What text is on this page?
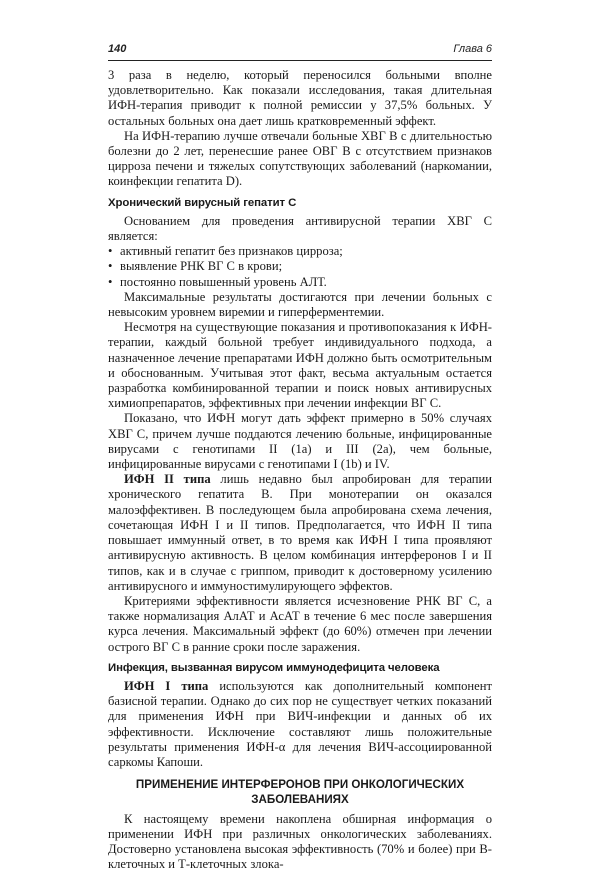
140	Глава 6

3 раза в неделю, который переносился больными вполне удовлетворительно. Как показали исследования, такая длительная ИФН-терапия приводит к полной ремиссии у 37,5% больных. У остальных больных она дает лишь кратковременный эффект.

На ИФН-терапию лучше отвечали больные ХВГ В с длительностью болезни до 2 лет, перенесшие ранее ОВГ В с отсутствием признаков цирроза печени и тяжелых сопутствующих заболеваний (наркомании, коинфекции гепатита D).

Хронический вирусный гепатит С

Основанием для проведения антивирусной терапии ХВГ С является:

• активный гепатит без признаков цирроза;
• выявление РНК ВГ С в крови;
• постоянно повышенный уровень АЛТ.

Максимальные результаты достигаются при лечении больных с невысоким уровнем виремии и гиперферментемии.

Несмотря на существующие показания и противопоказания к ИФН-терапии, каждый больной требует индивидуального подхода, а назначенное лечение препаратами ИФН должно быть осмотрительным и обоснованным. Учитывая этот факт, весьма актуальным остается разработка комбинированной терапии и поиск новых антивирусных химиопрепаратов, эффективных при лечении инфекции ВГ С.

Показано, что ИФН могут дать эффект примерно в 50% случаях ХВГ С, причем лучше поддаются лечению больные, инфицированные вирусами с генотипами II (1а) и III (2а), чем больные, инфицированные вирусами с генотипами I (1b) и IV.

ИФН II типа лишь недавно был апробирован для терапии хронического гепатита В. При монотерапии он оказался малоэффективен. В последующем была апробирована схема лечения, сочетающая ИФН I и II типов. Предполагается, что ИФН II типа повышает иммунный ответ, в то время как ИФН I типа проявляют антивирусную активность. В целом комбинация интерферонов I и II типов, как и в случае с гриппом, приводит к достоверному усилению антивирусного и иммуностимулирующего эффектов.

Критериями эффективности является исчезновение РНК ВГ С, а также нормализация АлАТ и АсАТ в течение 6 мес после завершения курса лечения. Максимальный эффект (до 60%) отмечен при лечении острого ВГ С в ранние сроки после заражения.

Инфекция, вызванная вирусом иммунодефицита человека

ИФН I типа используются как дополнительный компонент базисной терапии. Однако до сих пор не существует четких показаний для применения ИФН при ВИЧ-инфекции и данных об их эффективности. Исключение составляют лишь положительные результаты применения ИФН-α для лечения ВИЧ-ассоциированной саркомы Капоши.

ПРИМЕНЕНИЕ ИНТЕРФЕРОНОВ ПРИ ОНКОЛОГИЧЕСКИХ ЗАБОЛЕВАНИЯХ

К настоящему времени накоплена обширная информация о применении ИФН при различных онкологических заболеваниях. Достоверно установлена высокая эффективность (70% и более) при В-клеточных и Т-клеточных злока-
